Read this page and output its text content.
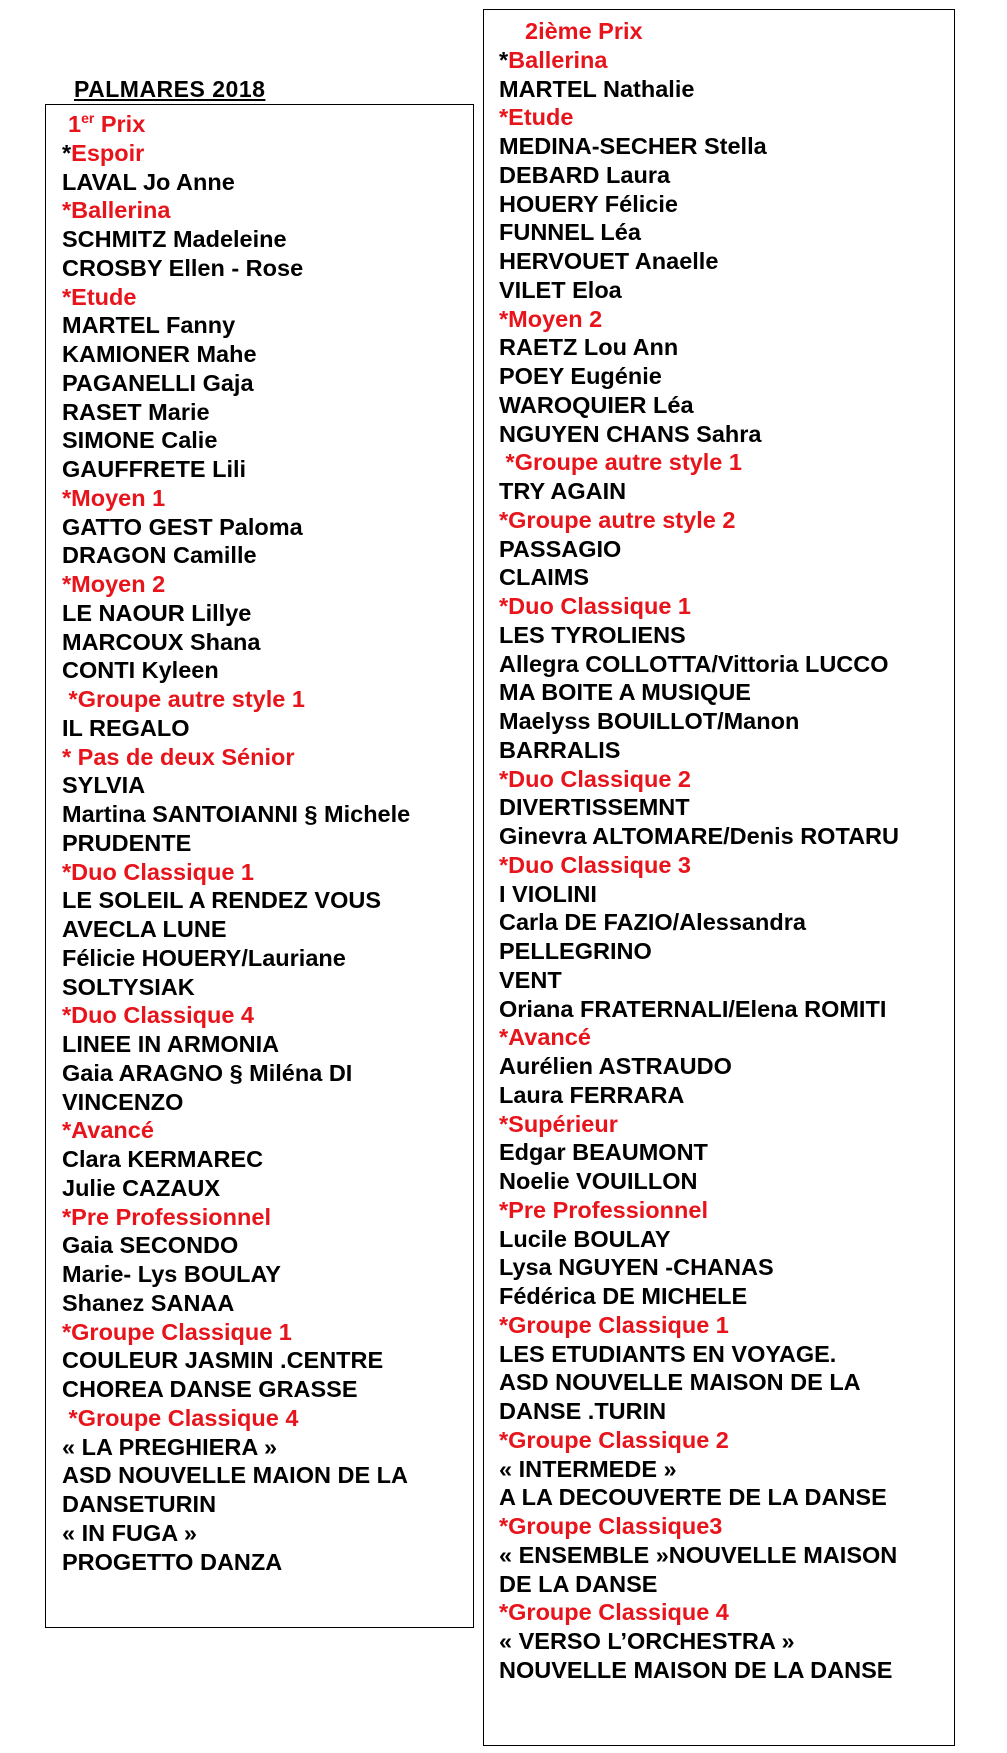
PALMARES 2018
1er Prix
*Espoir
LAVAL Jo Anne
*Ballerina
SCHMITZ Madeleine
CROSBY Ellen - Rose
*Etude
MARTEL Fanny
KAMIONER Mahe
PAGANELLI Gaja
RASET Marie
SIMONE Calie
GAUFFRETE Lili
*Moyen 1
GATTO GEST Paloma
DRAGON Camille
*Moyen 2
LE NAOUR Lillye
MARCOUX Shana
CONTI Kyleen
*Groupe autre style 1
IL REGALO
* Pas de deux Sénior
SYLVIA
Martina SANTOIANNI § Michele
PRUDENTE
*Duo Classique 1
LE SOLEIL A RENDEZ VOUS
AVECLA LUNE
Félicie HOUERY/Lauriane
SOLTYSIAK
*Duo Classique 4
LINEE IN ARMONIA
Gaia ARAGNO § Miléna DI
VINCENZO
*Avancé
Clara KERMAREC
Julie CAZAUX
*Pre Professionnel
Gaia SECONDO
Marie- Lys BOULAY
Shanez SANAA
*Groupe Classique 1
COULEUR JASMIN .CENTRE
CHOREA DANSE GRASSE
*Groupe Classique 4
« LA PREGHIERA »
ASD NOUVELLE MAION DE LA
DANSETURIN
« IN FUGA »
PROGETTO DANZA
2ième Prix
*Ballerina
MARTEL Nathalie
*Etude
MEDINA-SECHER Stella
DEBARD Laura
HOUERY Félicie
FUNNEL Léa
HERVOUET Anaelle
VILET Eloa
*Moyen 2
RAETZ Lou Ann
POEY Eugénie
WAROQUIER Léa
NGUYEN CHANS Sahra
*Groupe autre style 1
TRY AGAIN
*Groupe autre style 2
PASSAGIO
CLAIMS
*Duo Classique 1
LES TYROLIENS
Allegra COLLOTTA/Vittoria LUCCO
MA BOITE A MUSIQUE
Maelyss BOUILLOT/Manon
BARRALIS
*Duo Classique 2
DIVERTISSEMNT
Ginevra ALTOMARE/Denis ROTARU
*Duo Classique 3
I VIOLINI
Carla DE FAZIO/Alessandra
PELLEGRINO
VENT
Oriana FRATERNALI/Elena ROMITI
*Avancé
Aurélien ASTRAUDO
Laura FERRARA
*Supérieur
Edgar BEAUMONT
Noelie VOUILLON
*Pre Professionnel
Lucile BOULAY
Lysa NGUYEN -CHANAS
Fédérica DE MICHELE
*Groupe Classique 1
LES ETUDIANTS EN VOYAGE.
ASD NOUVELLE MAISON DE LA
DANSE .TURIN
*Groupe Classique 2
« INTERMEDE »
A LA DECOUVERTE DE LA DANSE
*Groupe Classique3
« ENSEMBLE »NOUVELLE MAISON
DE LA DANSE
*Groupe Classique 4
« VERSO L’ORCHESTRA »
NOUVELLE MAISON DE LA DANSE
